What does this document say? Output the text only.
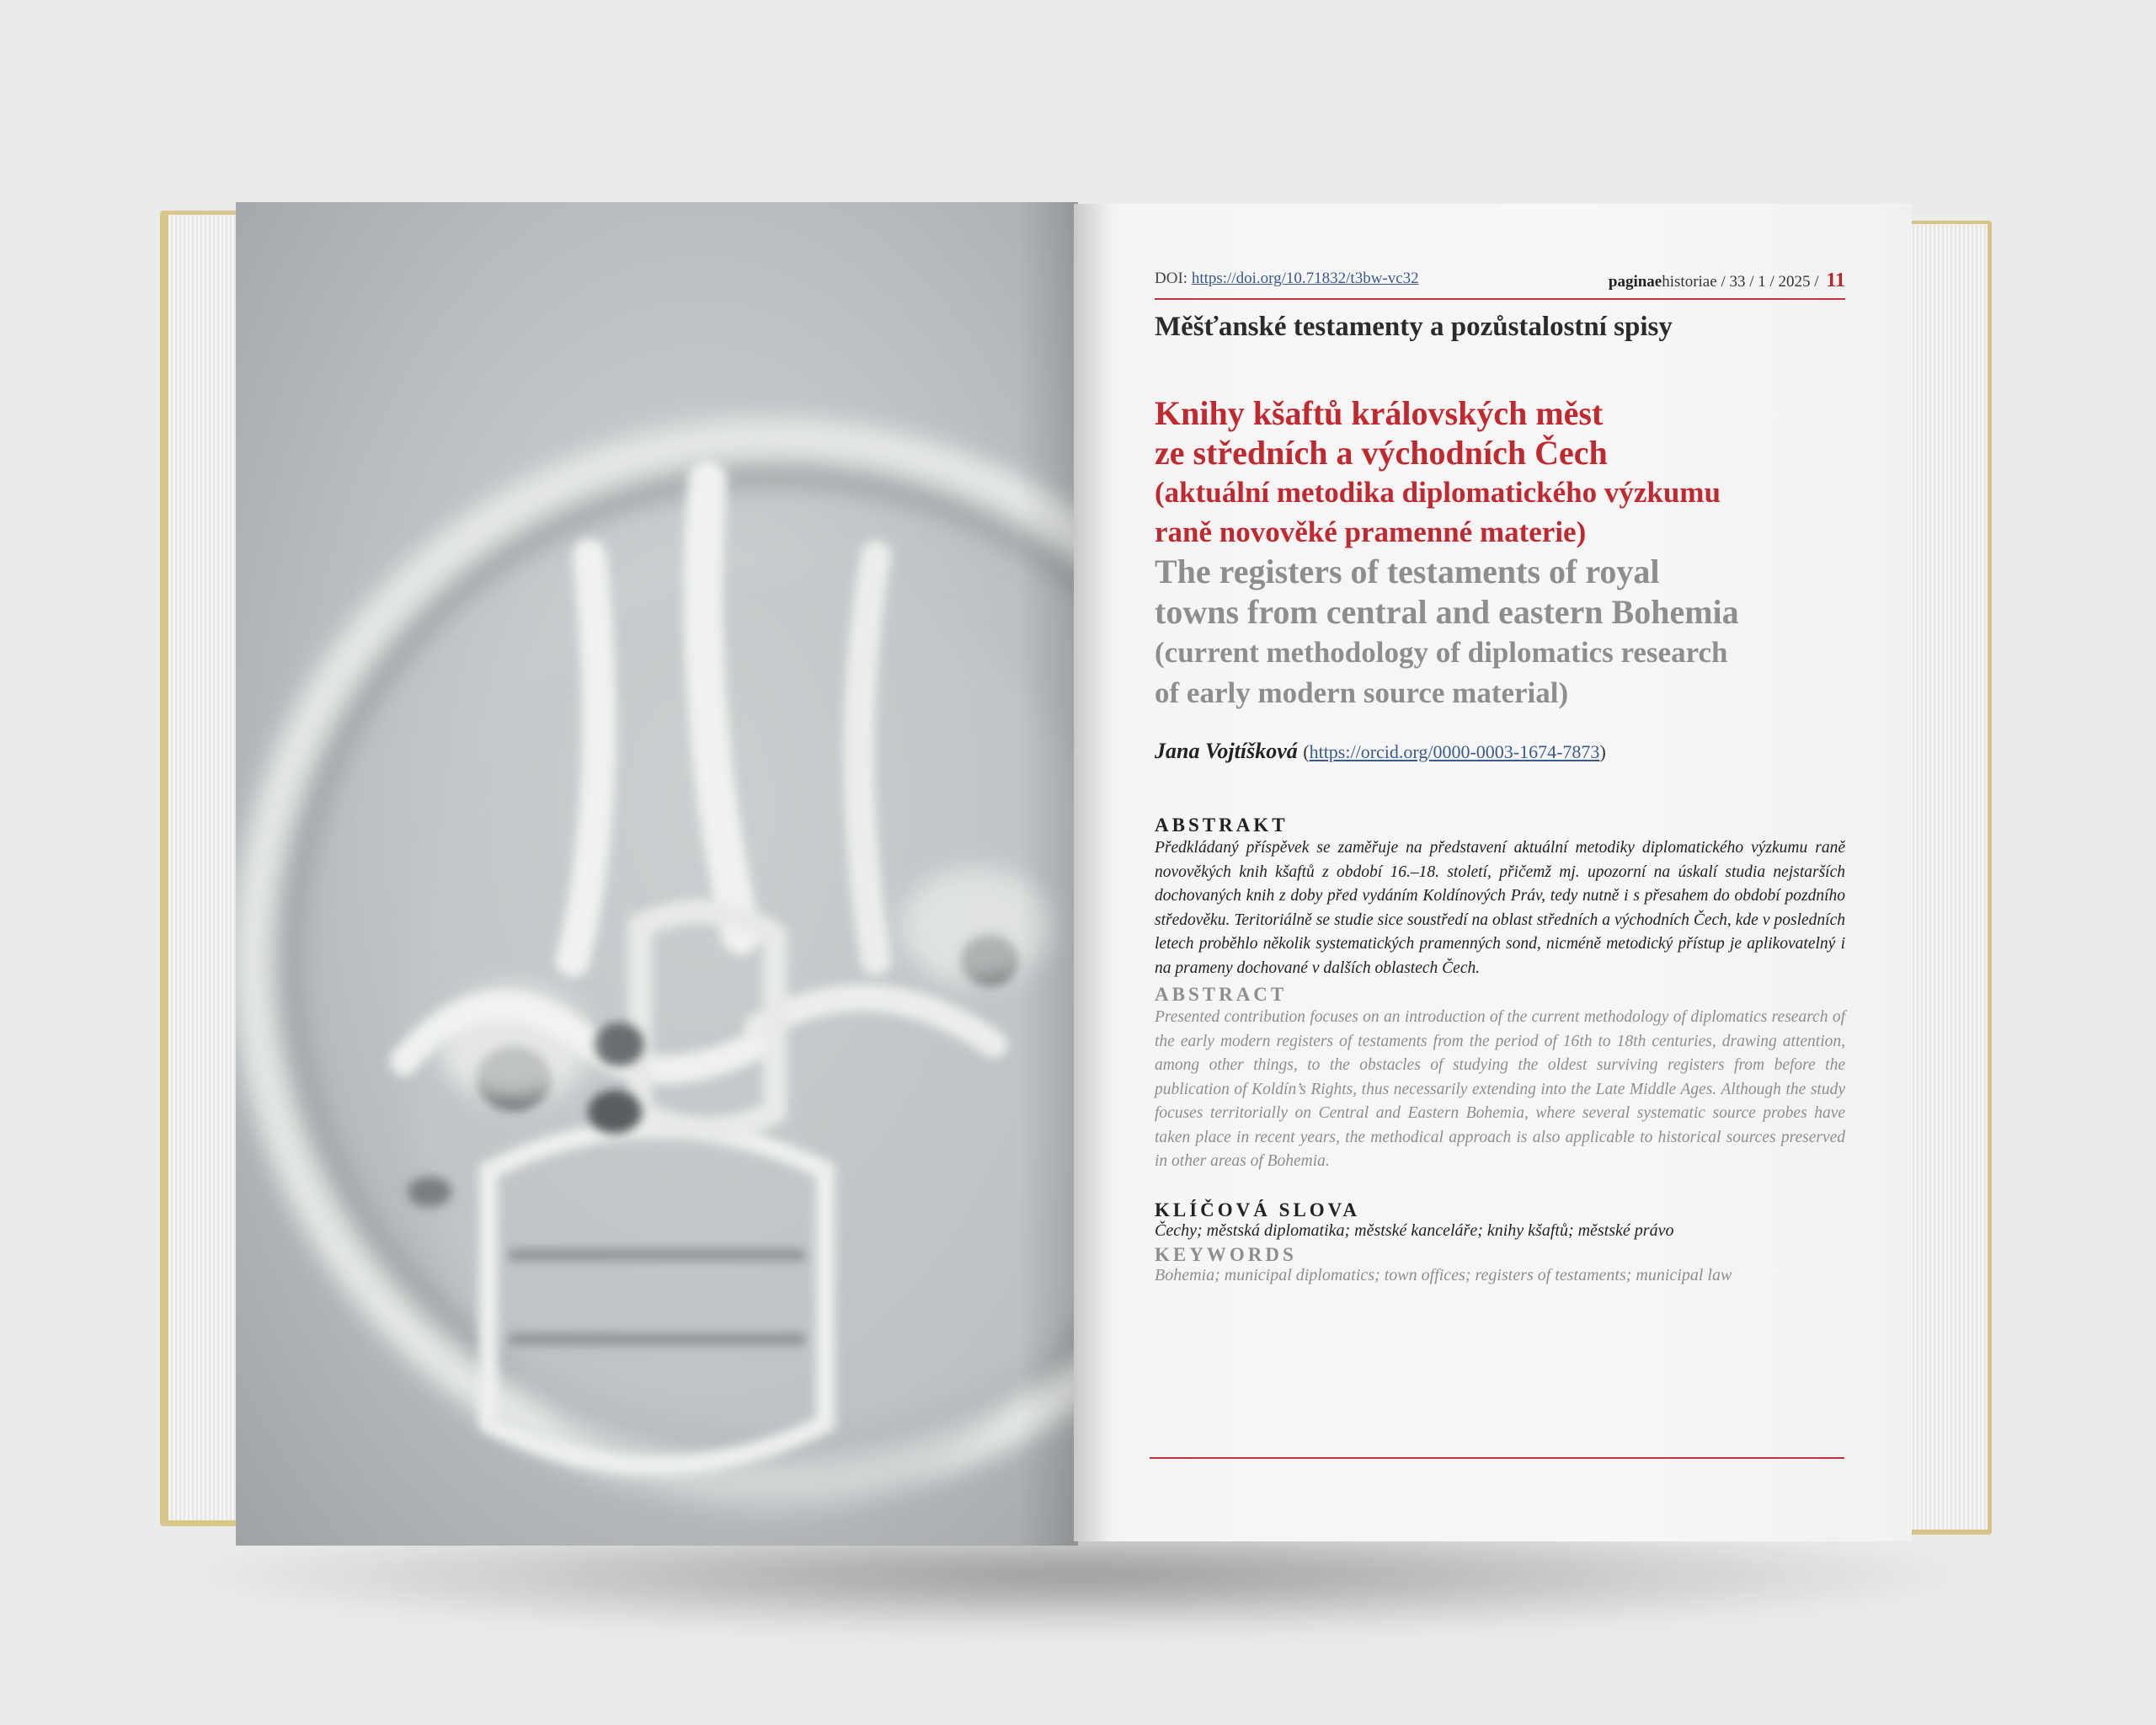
DOI: https://doi.org/10.71832/t3bw-vc32	paginaehistoriae / 33 / 1 / 2025 / 11
Měšťanské testamenty a pozůstalostní spisy
Knihy kšaftů královských měst
ze středních a východních Čech
(aktuální metodika diplomatického výzkumu
raně novověké pramenné materie)
The registers of testaments of royal
towns from central and eastern Bohemia
(current methodology of diplomatics research
of early modern source material)
Jana Vojtíšková (https://orcid.org/0000-0003-1674-7873)
ABSTRAKT
Předkládaný příspěvek se zaměřuje na představení aktuální metodiky diplomatického výzkumu raně novověkých knih kšaftů z období 16.–18. století, přičemž mj. upozorní na úskalí studia nejstarších dochovaných knih z doby před vydáním Koldínových Práv, tedy nutně i s přesahem do období pozdního středověku. Teritoriálně se studie sice soustředí na oblast středních a východních Čech, kde v posledních letech proběhlo několik systematických pramenných sond, nicméně metodický přístup je aplikovatelný i na prameny dochované v dalších oblastech Čech.
ABSTRACT
Presented contribution focuses on an introduction of the current methodology of diplomatics research of the early modern registers of testaments from the period of 16th to 18th centuries, drawing attention, among other things, to the obstacles of studying the oldest surviving registers from before the publication of Koldín’s Rights, thus necessarily extending into the Late Middle Ages. Although the study focuses territorially on Central and Eastern Bohemia, where several systematic source probes have taken place in recent years, the methodical approach is also applicable to historical sources preserved in other areas of Bohemia.
KLÍČOVÁ SLOVA
Čechy; městská diplomatika; městské kanceláře; knihy kšaftů; městské právo
KEYWORDS
Bohemia; municipal diplomatics; town offices; registers of testaments; municipal law
